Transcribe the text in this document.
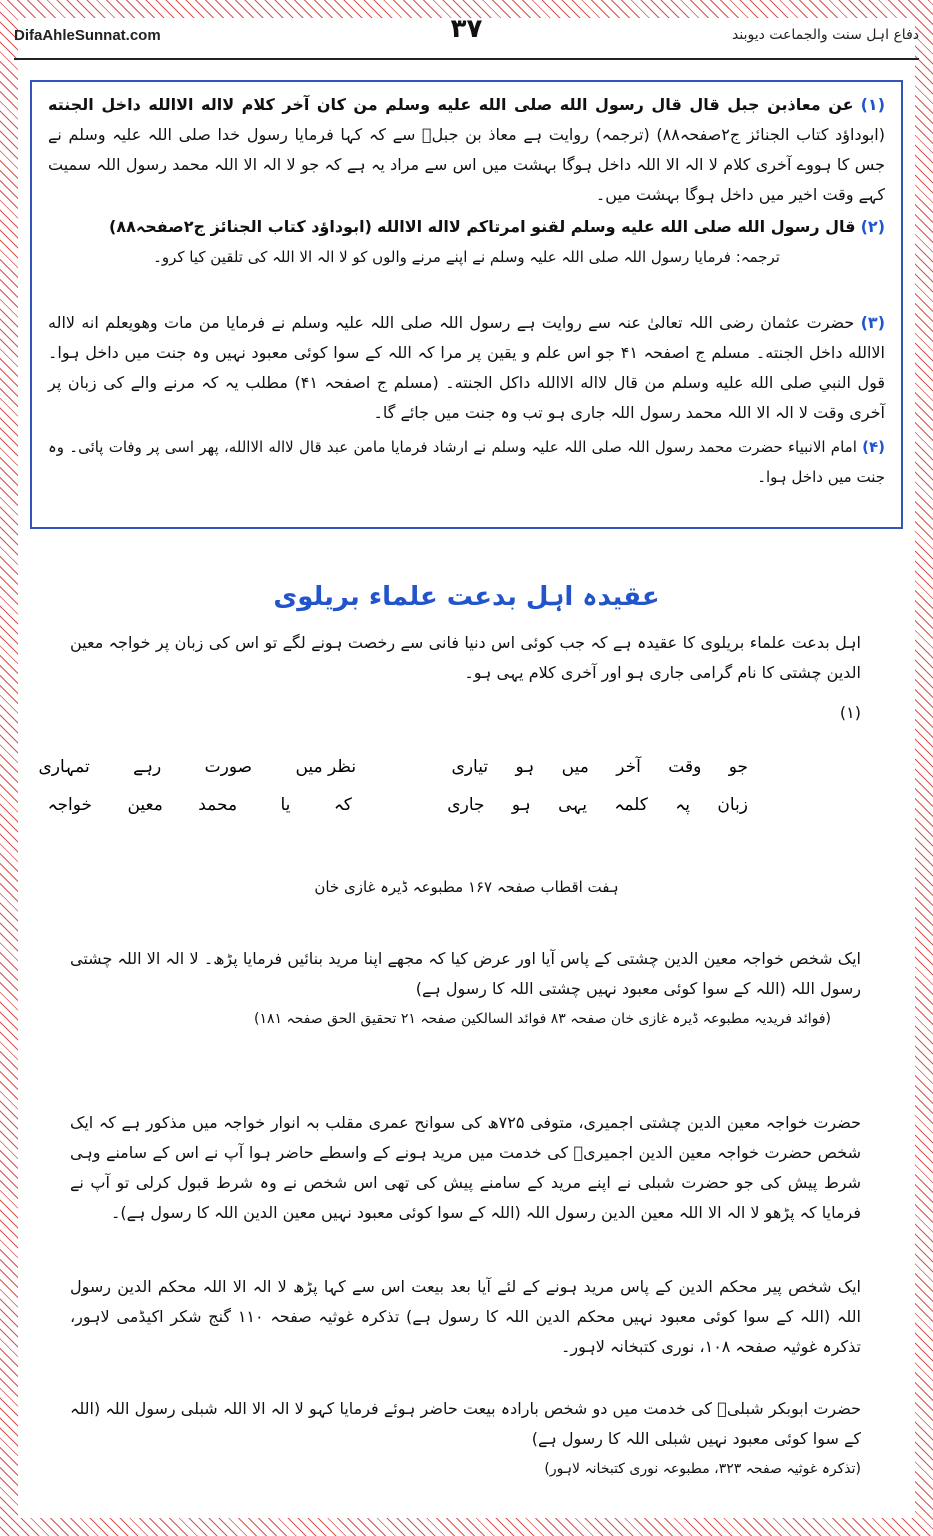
DifaAhleSunnat.com	۳۷	دفاع اہل سنت والجماعت دیوبند

(۱) عن معاذبن جبل قال قال رسول الله صلى الله عليه وسلم من كان آخر كلام لااله الاالله داخل الجنته (ابوداؤد کتاب الجنائز ج۲صفحہ۸۸) (ترجمہ) روایت ہے معاذ بن جبلؓ سے کہ کہا فرمایا رسول خدا صلی اللہ علیہ وسلم نے جس کا ہووے آخری کلام لا الہ الا اللہ داخل ہوگا بہشت میں اس سے مراد یہ ہے کہ جو لا الہ الا اللہ محمد رسول اللہ سمیت کہے وقت اخیر میں داخل ہوگا بہشت میں۔

(۲) قال رسول الله صلى الله عليه وسلم لقنو امرتاكم لااله الاالله (ابوداؤد کتاب الجنائز ج۲صفحہ۸۸)

ترجمہ: فرمایا رسول اللہ صلی اللہ علیہ وسلم نے اپنے مرنے والوں کو لا الہ الا اللہ کی تلقین کیا کرو۔

(۳) حضرت عثمان رضی اللہ تعالیٰ عنہ سے روایت ہے رسول اللہ صلی اللہ علیہ وسلم نے فرمایا من مات وهويعلم انه لااله الاالله داخل الجنته۔ مسلم ج اصفحہ ۴۱ جو اس علم و یقین پر مرا کہ اللہ کے سوا کوئی معبود نہیں وہ جنت میں داخل ہوا۔ قول النبي صلى الله عليه وسلم من قال لااله الاالله داكل الجنته۔ (مسلم ج اصفحہ ۴۱) مطلب یہ کہ مرنے والے کی زبان پر آخری وقت لا الہ الا اللہ محمد رسول اللہ جاری ہو تب وہ جنت میں جائے گا۔

(۴) امام الانبیاء حضرت محمد رسول اللہ صلی اللہ علیہ وسلم نے ارشاد فرمایا مامن عبد قال لااله الاالله، پھر اسی پر وفات پائی۔ وہ جنت میں داخل ہوا۔

عقیدہ اہل بدعت علماء بریلوی

اہل بدعت علماء بریلوی کا عقیدہ ہے کہ جب کوئی اس دنیا فانی سے رخصت ہونے لگے تو اس کی زبان پر خواجہ معین الدین چشتی کا نام گرامی جاری ہو اور آخری کلام یہی ہو۔

(۱)

جو وقت آخر میں ہو تیاری نظر میں صورت رہے تمہاری
زبان پہ کلمہ یہی ہو جاری کہ یا محمد معین خواجہ

ہفت اقطاب صفحہ ۱۶۷ مطبوعہ ڈیرہ غازی خان

ایک شخص خواجہ معین الدین چشتی کے پاس آیا اور عرض کیا کہ مجھے اپنا مرید بنائیں فرمایا پڑھ۔ لا الہ الا اللہ چشتی رسول اللہ (اللہ کے سوا کوئی معبود نہیں چشتی اللہ کا رسول ہے)

(فوائد فریدیہ مطبوعہ ڈیرہ غازی خان صفحہ ۸۳ فوائد السالکین صفحہ ۲۱ تحقیق الحق صفحہ ۱۸۱)

حضرت خواجہ معین الدین چشتی اجمیری، متوفی ۷۲۵ھ کی سوانح عمری مقلب بہ انوار خواجہ میں مذکور ہے کہ ایک شخص حضرت خواجہ معین الدین اجمیریؒ کی خدمت میں مرید ہونے کے واسطے حاضر ہوا آپ نے اس کے سامنے وہی شرط پیش کی جو حضرت شبلی نے اپنے مرید کے سامنے پیش کی تھی اس شخص نے وہ شرط قبول کرلی تو آپ نے فرمایا کہ پڑھو لا الہ الا اللہ معین الدین رسول اللہ (اللہ کے سوا کوئی معبود نہیں معین الدین اللہ کا رسول ہے)۔

ایک شخص پیر محکم الدین کے پاس مرید ہونے کے لئے آیا بعد بیعت اس سے کہا پڑھ لا الہ الا اللہ محکم الدین رسول اللہ (اللہ کے سوا کوئی معبود نہیں محکم الدین اللہ کا رسول ہے) تذکرہ غوثیہ صفحہ ۱۱۰ گنج شکر اکیڈمی لاہور، تذکرہ غوثیہ صفحہ ۱۰۸، نوری کتبخانہ لاہور۔

حضرت ابوبکر شبلیؒ کی خدمت میں دو شخص بارادہ بیعت حاضر ہوئے فرمایا کہو لا الہ الا اللہ شبلی رسول اللہ (اللہ کے سوا کوئی معبود نہیں شبلی اللہ کا رسول ہے)

(تذکرہ غوثیہ صفحہ ۳۲۳، مطبوعہ نوری کتبخانہ لاہور)
